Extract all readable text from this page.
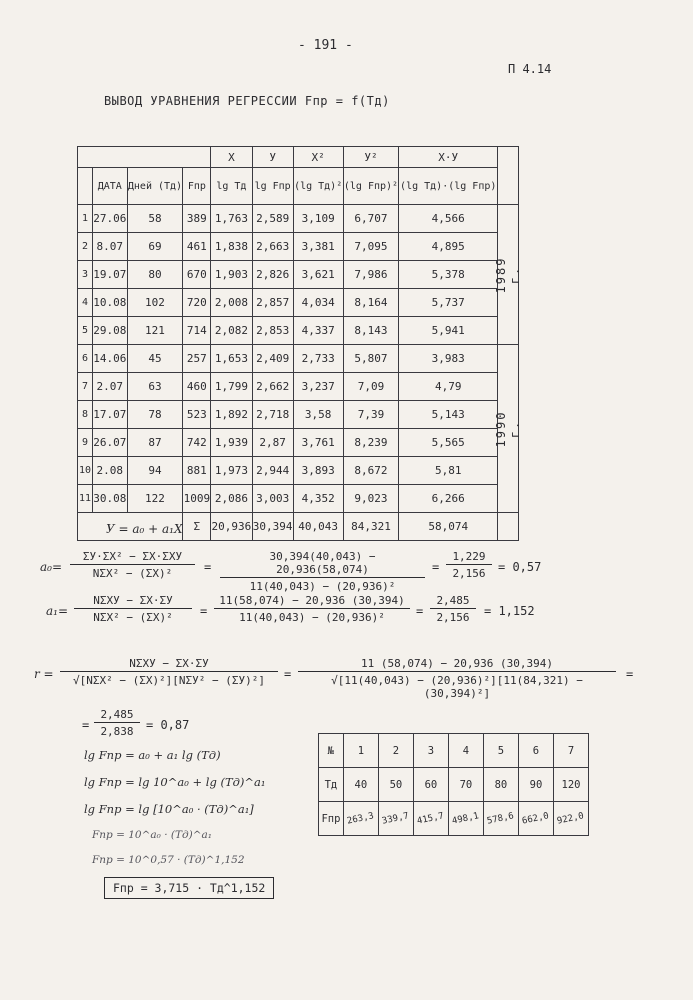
- 191 -
П 4.14
ВЫВОД УРАВНЕНИЯ РЕГРЕССИИ Fпр = f(Tд)
				X	У	X²	У²	X·У	
	ДАТА	Дней (Tд)	Fпр	lg Tд	lg Fпр	(lg Tд)²	(lg Fпр)²	(lg Tд)·(lg Fпр)	
1	27.06	58	389	1,763	2,589	3,109	6,707	4,566	1989 г.

2	8.07	69	461	1,838	2,663	3,381	7,095	4,895	
3	19.07	80	670	1,903	2,826	3,621	7,986	5,378	
4	10.08	102	720	2,008	2,857	4,034	8,164	5,737	
5	29.08	121	714	2,082	2,853	4,337	8,143	5,941	
6	14.06	45	257	1,653	2,409	2,733	5,807	3,983	1990 г.

7	2.07	63	460	1,799	2,662	3,237	7,09	4,79	
8	17.07	78	523	1,892	2,718	3,58	7,39	5,143	
9	26.07	87	742	1,939	2,87	3,761	8,239	5,565	
10	2.08	94	881	1,973	2,944	3,893	8,672	5,81	
11	30.08	122	1009	2,086	3,003	4,352	9,023	6,266	
			Σ	20,936	30,394	40,043	84,321	58,074	
У = a₀ + a₁X
a₀=
ΣУ·ΣX² − ΣX·ΣXУ
NΣX² − (ΣX)²	= $\frac{30,394(40,043) - 20,936(58,074)}{\text{11(40,043) − (20,936)²}} = \frac{1,229}{2,156} = 0,57$
a₁=
NΣXУ − ΣX·ΣУ
NΣX² − (ΣX)²	= $\frac{11(58,074) - 20,936 (30,394)}{\text{11(40,043) − (20,936)²}} = \frac{2,485}{2,156} = 1,152$
r =
NΣXУ − ΣX·ΣУ
√[NΣX² − (ΣX)²][NΣУ² − (ΣУ)²]	= $\frac{11 (58,074) - 20,936 (30,394)}{\text{√[11(40,043) − (20,936)²][11(84,321) − (30,394)²]}}$ =
= $\frac{2,485}{2,838} = 0,87$
lg Fпр = a₀ + a₁ lg (Tд)
lg Fпр = lg 10^a₀ + lg (Tд)^a₁
lg Fпр = lg [10^a₀ · (Tд)^a₁]
Fпр = 10^a₀ · (Tд)^a₁
Fпр = 10^0,57 · (Tд)^1,152
Fпр = 3,715 · Tд^1,152
№	1	2	3	4	5	6	7
Tд	40	50	60	70	80	90	120
Fпр	263,3	339,7	415,7	498,1	578,6	662,0	922,0
